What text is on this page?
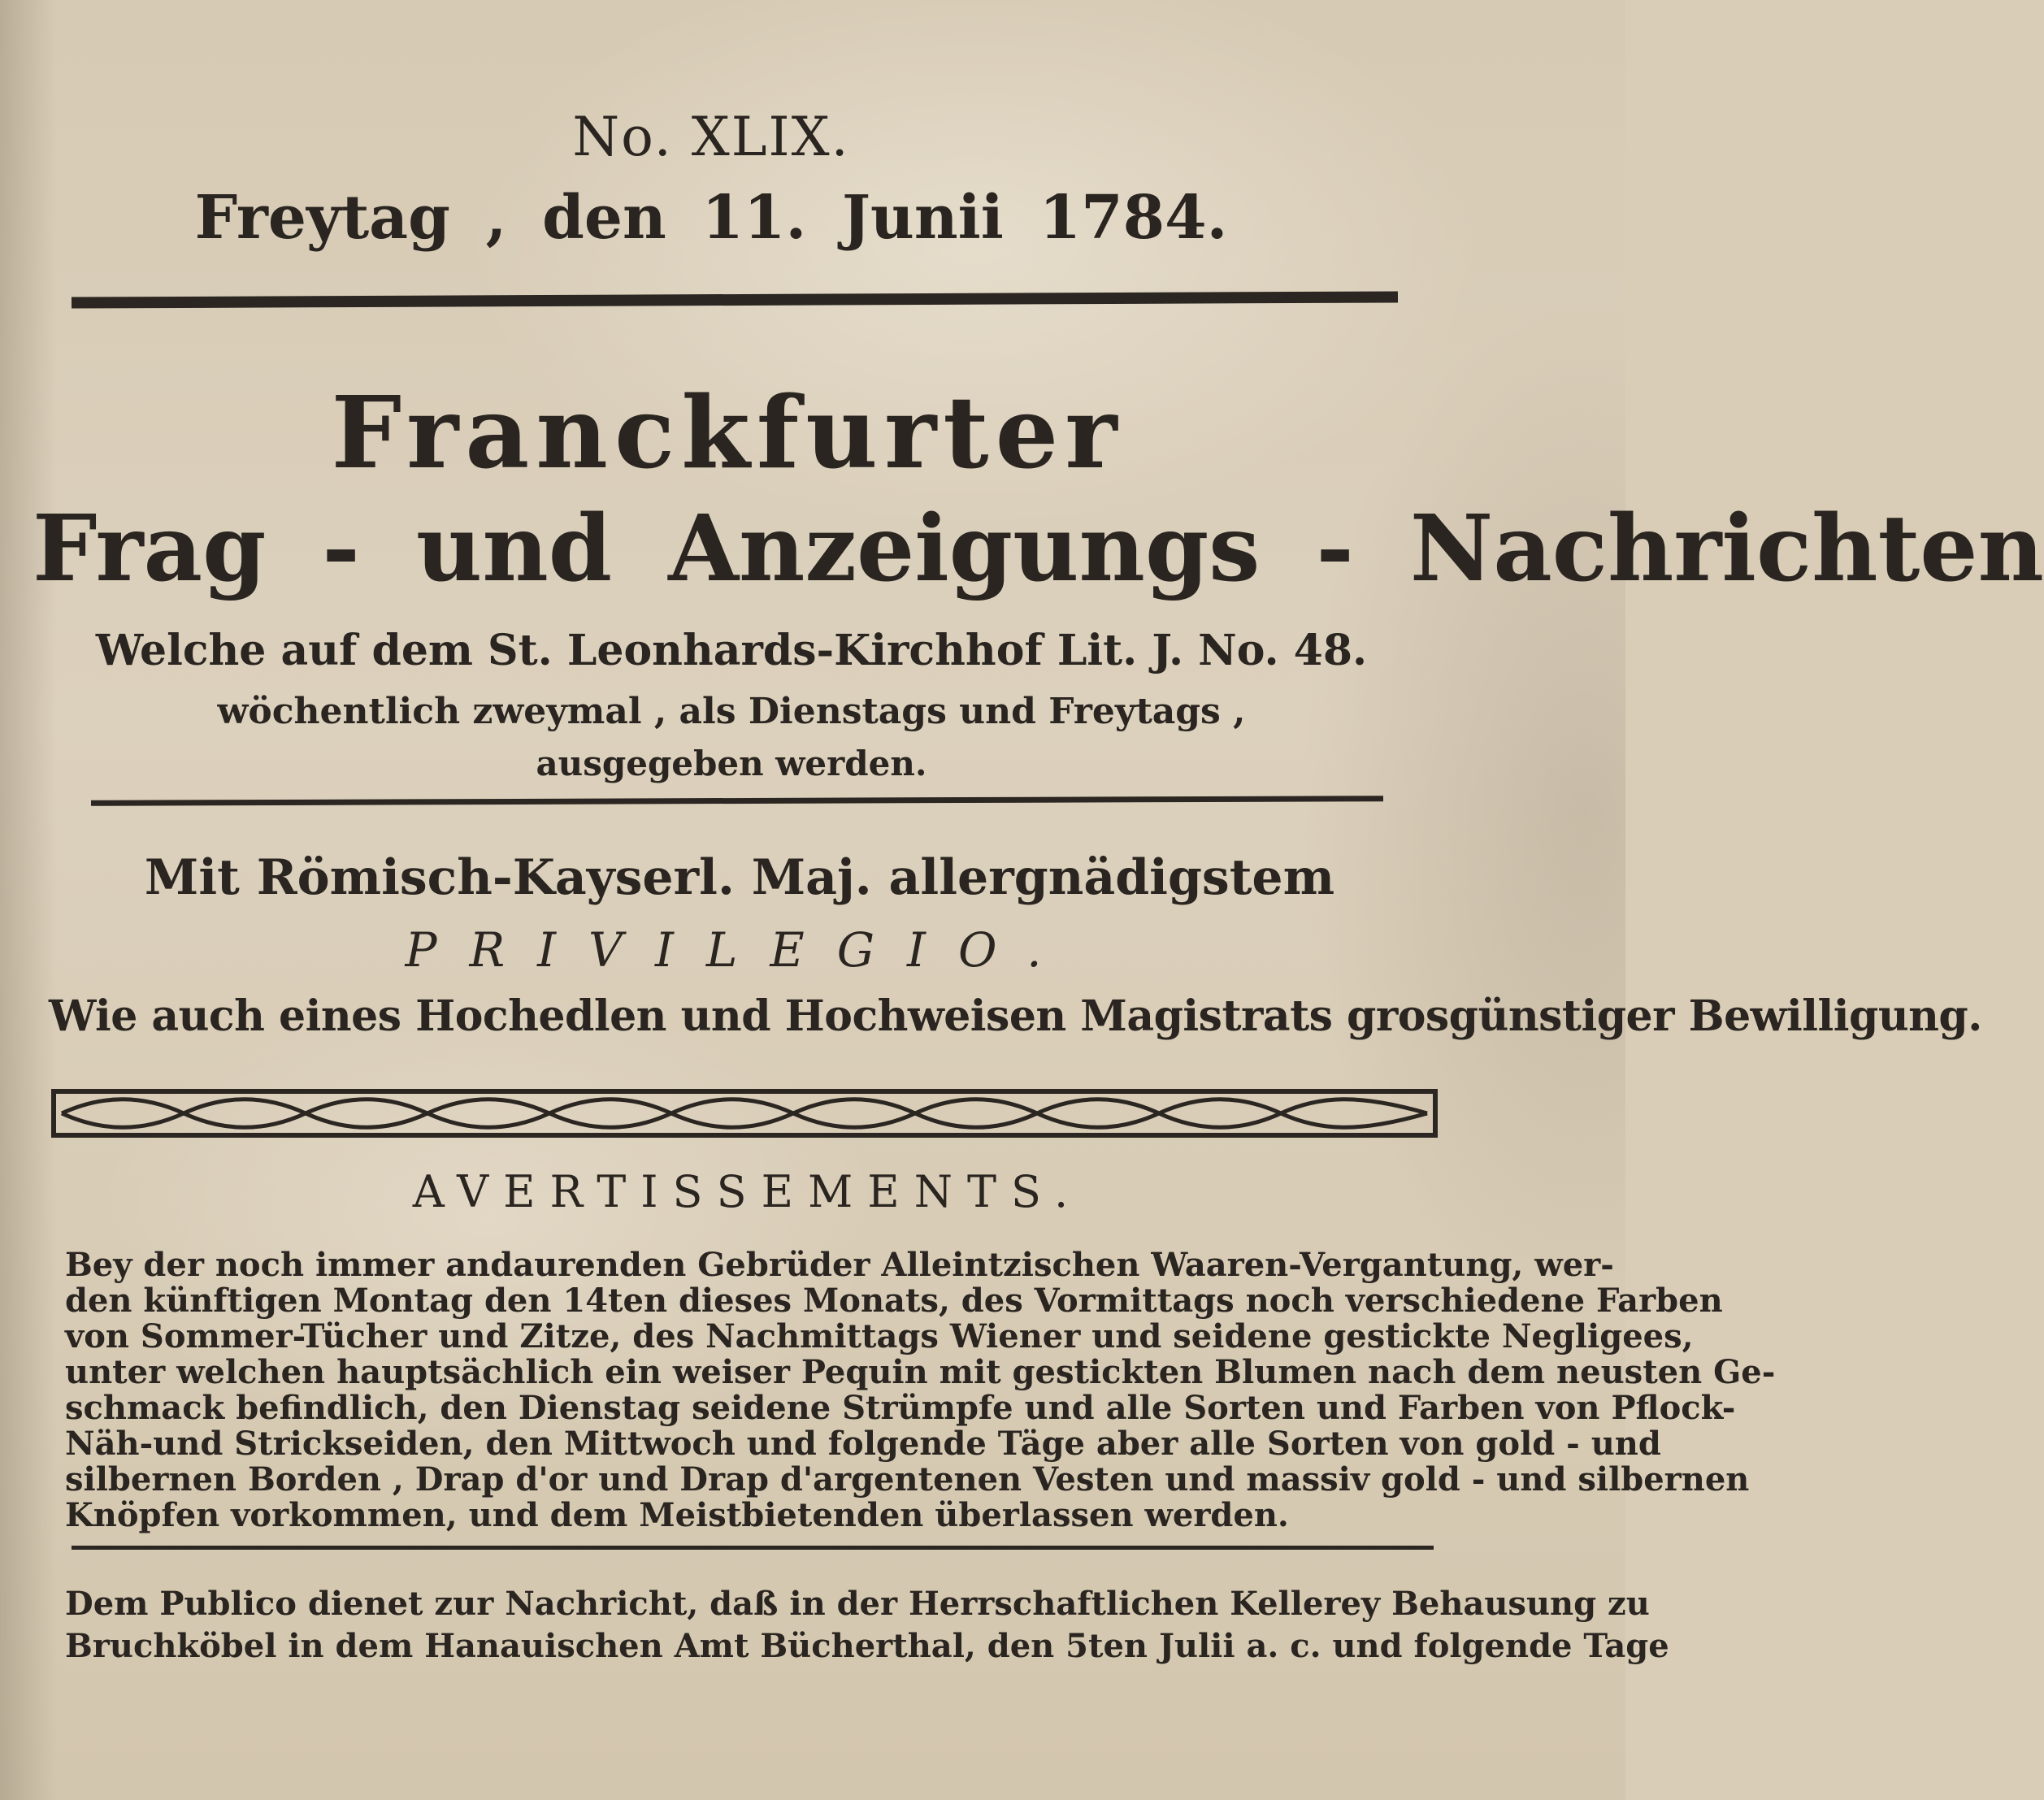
No. XLIX.
Freytag , den 11. Junii 1784.
Franckfurter
Frag - und Anzeigungs - Nachrichten
Welche auf dem St. Leonhards-Kirchhof Lit. J. No. 48.
wöchentlich zweymal , als Dienstags und Freytags ,
ausgegeben werden.
Mit Römisch-Kayserl. Maj. allergnädigstem
PRIVILEGIO.
Wie auch eines Hochedlen und Hochweisen Magistrats grosgünstiger Bewilligung.
AVERTISSEMENTS.
Bey der noch immer andaurenden Gebrüder Alleintzischen Waaren-Vergantung, wer-
den künftigen Montag den 14ten dieses Monats, des Vormittags noch verschiedene Farben
von Sommer-Tücher und Zitze, des Nachmittags Wiener und seidene gestickte Negligees,
unter welchen hauptsächlich ein weiser Pequin mit gestickten Blumen nach dem neusten Ge-
schmack befindlich, den Dienstag seidene Strümpfe und alle Sorten und Farben von Pflock-
Näh-und Strickseiden, den Mittwoch und folgende Täge aber alle Sorten von gold - und
silbernen Borden , Drap d'or und Drap d'argentenen Vesten und massiv gold - und silbernen
Knöpfen vorkommen, und dem Meistbietenden überlassen werden.
Dem Publico dienet zur Nachricht, daß in der Herrschaftlichen Kellerey Behausung zu
Bruchköbel in dem Hanauischen Amt Bücherthal, den 5ten Julii a. c. und folgende Tage
